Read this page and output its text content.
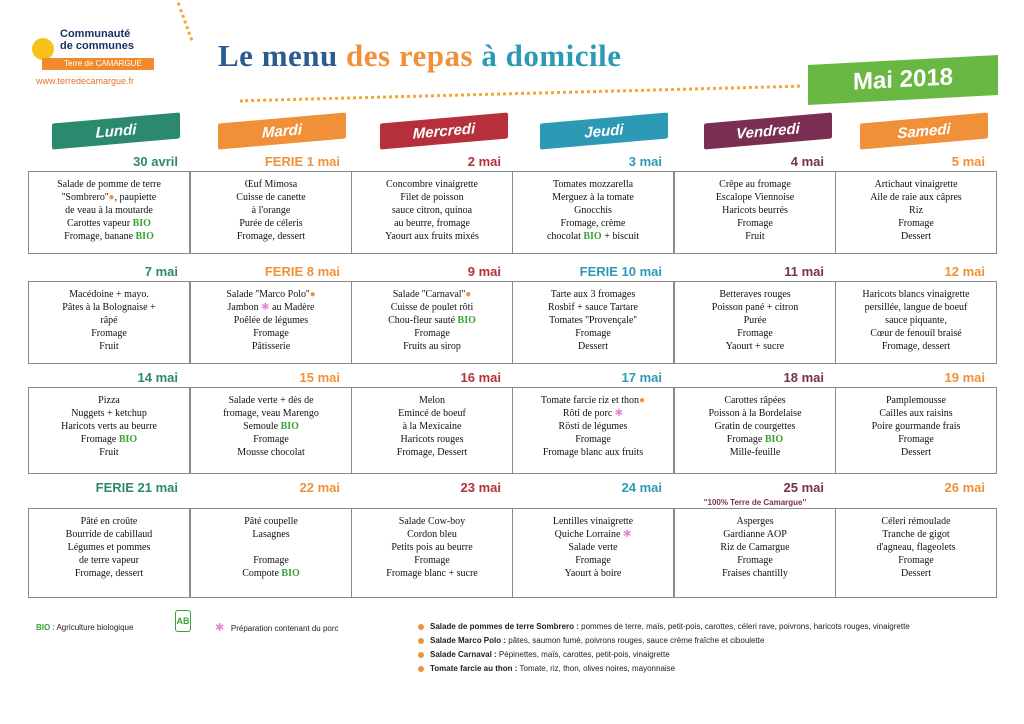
Communauté
de communes
Terre de CAMARGUE
www.terredecamargue.fr
Le menu des repas à domicile
Mai 2018
Lundi	Mardi	Mercredi	Jeudi	Vendredi	Samedi
30 avril
Salade de pomme de terre
''Sombrero''●, paupiette
de veau à la moutarde
Carottes vapeur BIO
Fromage, banane BIO
FERIE 1 mai
Œuf Mimosa
Cuisse de canette
à l'orange
Purée de céleris
Fromage, dessert
2 mai
Concombre vinaigrette
Filet de poisson
sauce citron, quinoa
au beurre, fromage
Yaourt aux fruits mixés
3 mai
Tomates mozzarella
Merguez à la tomate
Gnocchis
Fromage, crème
chocolat BIO + biscuit
4 mai
Crêpe au fromage
Escalope Viennoise
Haricots beurrés
Fromage
Fruit
5 mai
Artichaut vinaigrette
Aile de raie aux câpres
Riz
Fromage
Dessert
7 mai
Macédoine + mayo.
Pâtes à la Bolognaise +
râpé
Fromage
Fruit
FERIE 8 mai
Salade ''Marco Polo''●
Jambon ✱ au Madère
Poêlée de légumes
Fromage
Pâtisserie
9 mai
Salade ''Carnaval''●
Cuisse de poulet rôti
Chou-fleur sauté BIO
Fromage
Fruits au sirop
FERIE 10 mai
Tarte aux 3 fromages
Rosbif + sauce Tartare
Tomates ''Provençale''
Fromage
Dessert
11 mai
Betteraves rouges
Poisson pané + citron
Purée
Fromage
Yaourt + sucre
12 mai
Haricots blancs vinaigrette
persillée, langue de boeuf
sauce piquante,
Cœur de fenouil braisé
Fromage, dessert
14 mai
Pizza
Nuggets + ketchup
Haricots verts au beurre
Fromage BIO
Fruit
15 mai
Salade verte + dès de
fromage, veau Marengo
Semoule BIO
Fromage
Mousse chocolat
16 mai
Melon
Emincé de boeuf
à la Mexicaine
Haricots rouges
Fromage, Dessert
17 mai
Tomate farcie riz et thon●
Rôti de porc ✱
Rösti de légumes
Fromage
Fromage blanc aux fruits
18 mai
Carottes râpées
Poisson à la Bordelaise
Gratin de courgettes
Fromage BIO
Mille-feuille
19 mai
Pamplemousse
Cailles aux raisins
Poire gourmande frais
Fromage
Dessert
FERIE 21 mai
Pâté en croûte
Bourride de cabillaud
Légumes et pommes
de terre vapeur
Fromage, dessert
22 mai
Pâté coupelle
Lasagnes

Fromage
Compote BIO
23 mai
Salade Cow-boy
Cordon bleu
Petits pois au beurre
Fromage
Fromage blanc + sucre
24 mai
Lentilles vinaigrette
Quiche Lorraine ✱
Salade verte
Fromage
Yaourt à boire
25 mai
Asperges
Gardianne AOP
Riz de Camargue
Fromage
Fraises chantilly
26 mai
Céleri rémoulade
Tranche de gigot
d'agneau, flageolets
Fromage
Dessert
''100% Terre de Camargue''
BIO : Agriculture biologique
AB
✱ Préparation contenant du porc	Salade de pommes de terre Sombrero : pommes de terre, maïs, petit-pois, carottes, céleri rave, poivrons, haricots rouges, vinaigrette
Salade Marco Polo : pâtes, saumon fumé, poivrons rouges, sauce crème fraîche et ciboulette
Salade Carnaval : Pépinettes, maïs, carottes, petit-pois, vinaigrette
Tomate farcie au thon : Tomate, riz, thon, olives noires, mayonnaise
